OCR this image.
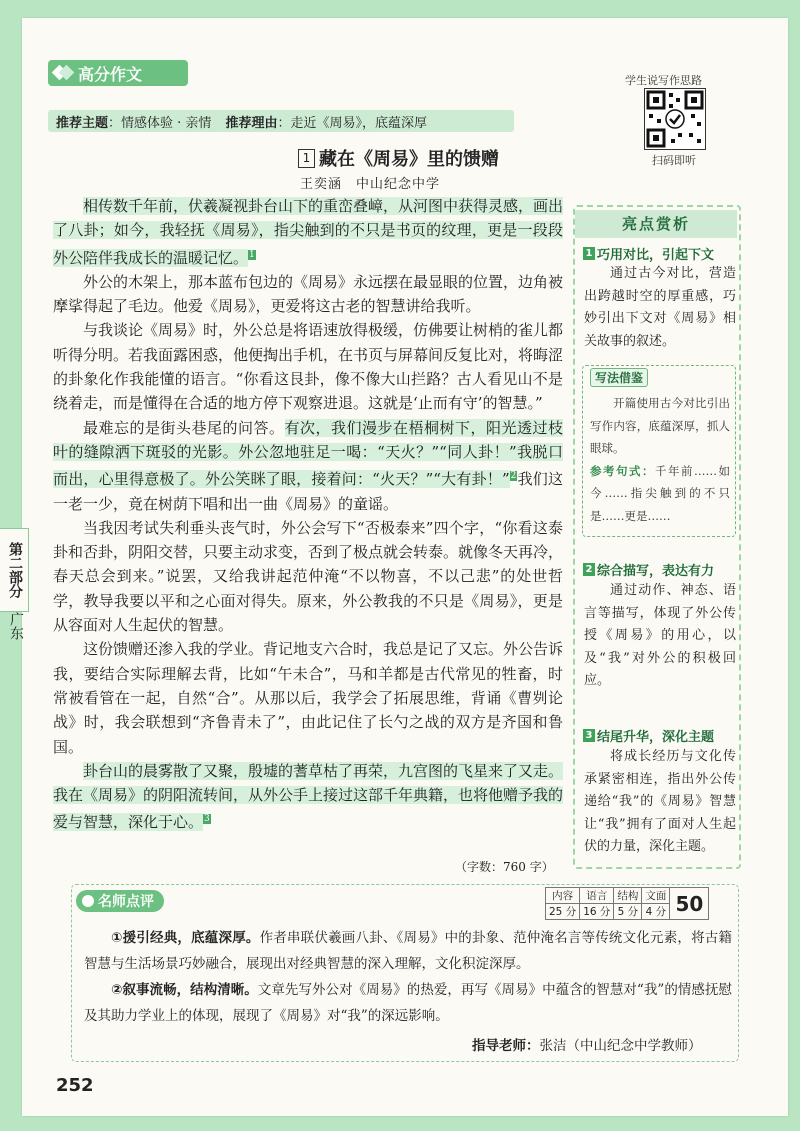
高分作文
推荐主题 ： 情感体验 · 亲情 推荐理由 ： 走近《周易》，底蕴深厚
学生说写作思路
扫码即听
1 藏在《周易》里的馈赠
王奕涵　中山纪念中学

相传数千年前，伏羲凝视卦台山下的重峦叠嶂，从河图中获得灵感，画出了八卦；如今，我轻抚《周易》，指尖触到的不只是书页的纹理，更是一段段外公陪伴我成长的温暖记忆。$^1$

外公的木架上，那本蓝布包边的《周易》永远摆在最显眼的位置，边角被摩挲得起了毛边。他爱《周易》，更爱将这古老的智慧讲给我听。

与我谈论《周易》时，外公总是将语速放得极缓，仿佛要让树梢的雀儿都听得分明。若我面露困惑，他便掏出手机，在书页与屏幕间反复比对，将晦涩的卦象化作我能懂的语言。“你看这艮卦，像不像大山拦路？古人看见山不是绕着走，而是懂得在合适的地方停下观察进退。这就是‘止而有守’的智慧。”

最难忘的是街头巷尾的问答。有次，我们漫步在梧桐树下，阳光透过枝叶的缝隙洒下斑驳的光影。外公忽地驻足一喝：“天火？”“同人卦！”我脱口而出，心里得意极了。外公笑眯了眼，接着问：“火天？”“大有卦！”$^2$我们这一老一少，竟在树荫下唱和出一曲《周易》的童谣。

当我因考试失利垂头丧气时，外公会写下“否极泰来”四个字，“你看这泰卦和否卦，阴阳交替，只要主动求变，否到了极点就会转泰。就像冬天再冷，春天总会到来。”说罢，又给我讲起范仲淹“不以物喜，不以己悲”的处世哲学，教导我要以平和之心面对得失。原来，外公教我的不只是《周易》，更是从容面对人生起伏的智慧。

这份馈赠还渗入我的学业。背记地支六合时，我总是记了又忘。外公告诉我，要结合实际理解去背，比如“午未合”，马和羊都是古代常见的牲畜，时常被看管在一起，自然“合”。从那以后，我学会了拓展思维，背诵《曹刿论战》时，我会联想到“齐鲁青未了”，由此记住了长勺之战的双方是齐国和鲁国。

卦台山的晨雾散了又聚，殷墟的蓍草枯了再荣，九宫图的飞星来了又走。我在《周易》的阴阳流转间，从外公手上接过这部千年典籍，也将他赠予我的爱与智慧，深化于心。$^3$

（字数：760 字）
亮点赏析
1 巧用对比，引起下文
通过古今对比，营造出跨越时空的厚重感，巧妙引出下文对《周易》相关故事的叙述。
写法借鉴
开篇使用古今对比引出写作内容，底蕴深厚，抓人眼球。
参考句式：千年前……如今……指尖触到的不只是……更是……
2 综合描写，表达有力
通过动作、神态、语言等描写，体现了外公传授《周易》的用心，以及“我”对外公的积极回应。
3 结尾升华，深化主题
将成长经历与文化传承紧密相连，指出外公传递给“我”的《周易》智慧让“我”拥有了面对人生起伏的力量，深化主题。
第二部分
广东
名师点评	内容	语言	结构	文面	50
25 分	16 分	5 分	4 分	

①援引经典，底蕴深厚。作者串联伏羲画八卦、《周易》中的卦象、范仲淹名言等传统文化元素，将古籍智慧与生活场景巧妙融合，展现出对经典智慧的深入理解，文化积淀深厚。

②叙事流畅，结构清晰。文章先写外公对《周易》的热爱，再写《周易》中蕴含的智慧对“我”的情感抚慰及其助力学业上的体现，展现了《周易》对“我”的深远影响。

指导老师：张洁（中山纪念中学教师）
252
